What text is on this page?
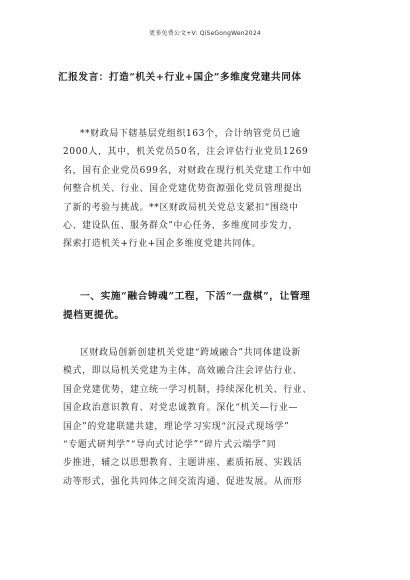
更多免费公文+V: QiSeGongWen2024
汇报发言：打造“机关+行业+国企”多维度党建共同体
**财政局下辖基层党组织163个，合计纳管党员已逾
2000人，其中，机关党员50名，注会评估行业党员1269
名，国有企业党员699名，对财政在现行机关党建工作中如
何整合机关、行业、国企党建优势资源强化党员管理提出
了新的考验与挑战。**区财政局机关党总支紧扣“围绕中
心、建设队伍、服务群众”中心任务，多维度同步发力，
探索打造机关+行业+国企多维度党建共同体。
一、实施“融合铸魂”工程，下活“一盘棋”，让管理
提档更提优。
区财政局创新创建机关党建“跨域融合”共同体建设新
模式，即以局机关党建为主体，高效融合注会评估行业、
国企党建优势，建立统一学习机制，持续深化机关、行业、
国企政治意识教育、对党忠诚教育。深化“机关—行业—
国企”的党建联建共建，理论学习实现“沉浸式现场学”
“专题式研判学”“导向式讨论学”“碎片式云端学”同
步推进，辅之以思想教育、主题讲座、素质拓展、实践活
动等形式，强化共同体之间交流沟通、促进发展。从而形
